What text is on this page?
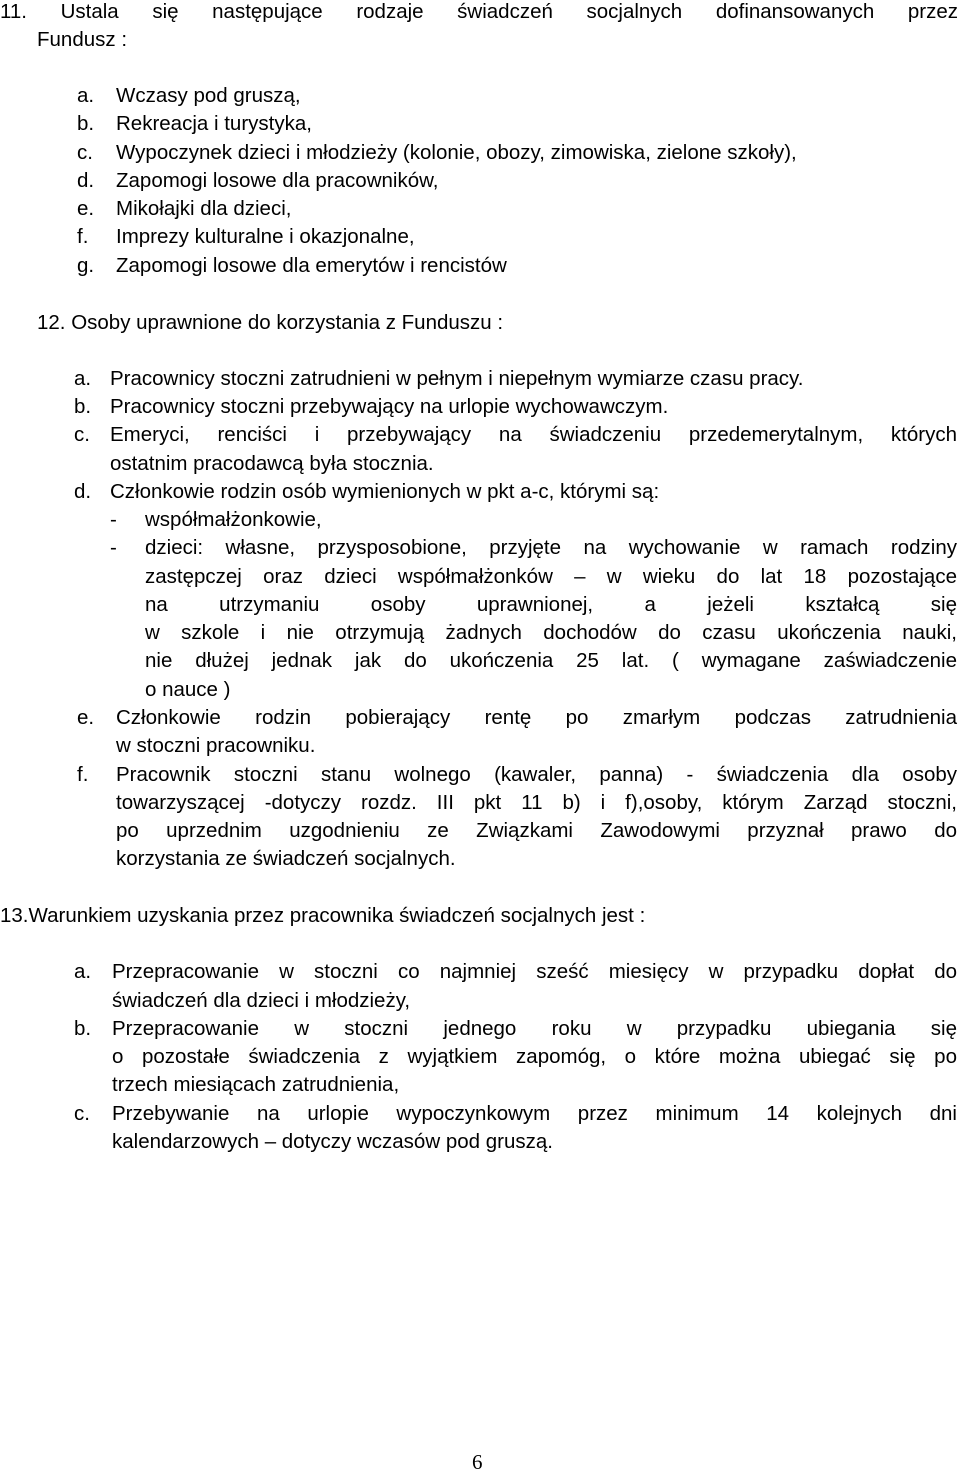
11. Ustala się następujące rodzaje świadczeń socjalnych dofinansowanych przez
Fundusz :
a. Wczasy pod gruszą,
b. Rekreacja i turystyka,
c. Wypoczynek dzieci i młodzieży (kolonie, obozy, zimowiska, zielone szkoły),
d. Zapomogi losowe dla pracowników,
e. Mikołajki dla dzieci,
f. Imprezy kulturalne i okazjonalne,
g. Zapomogi losowe dla emerytów i rencistów
12. Osoby uprawnione do korzystania z Funduszu :
a. Pracownicy stoczni zatrudnieni w pełnym i niepełnym wymiarze czasu pracy.
b. Pracownicy stoczni przebywający na urlopie wychowawczym.
c. Emeryci, renciści i przebywający na świadczeniu przedemerytalnym, których
ostatnim pracodawcą była stocznia.
d. Członkowie rodzin osób wymienionych w pkt a-c, którymi są:
- współmałżonkowie,
- dzieci: własne, przysposobione, przyjęte na wychowanie w ramach rodziny
zastępczej oraz dzieci współmałżonków – w wieku do lat 18 pozostające
na utrzymaniu osoby uprawnionej, a jeżeli kształcą się
w szkole i nie otrzymują żadnych dochodów do czasu ukończenia nauki,
nie dłużej jednak jak do ukończenia 25 lat. ( wymagane zaświadczenie
o nauce )
e. Członkowie rodzin pobierający rentę po zmarłym podczas zatrudnienia
w stoczni pracowniku.
f. Pracownik stoczni stanu wolnego (kawaler, panna) - świadczenia dla osoby
towarzyszącej -dotyczy rozdz. III pkt 11 b) i f),osoby, którym Zarząd stoczni,
po uprzednim uzgodnieniu ze Związkami Zawodowymi przyznał prawo do
korzystania ze świadczeń socjalnych.
13.Warunkiem uzyskania przez pracownika świadczeń socjalnych jest :
a. Przepracowanie w stoczni co najmniej sześć miesięcy w przypadku dopłat do
świadczeń dla dzieci i młodzieży,
b. Przepracowanie w stoczni jednego roku w przypadku ubiegania się
o pozostałe świadczenia z wyjątkiem zapomóg, o które można ubiegać się po
trzech miesiącach zatrudnienia,
c. Przebywanie na urlopie wypoczynkowym przez minimum 14 kolejnych dni
kalendarzowych – dotyczy wczasów pod gruszą.
6
